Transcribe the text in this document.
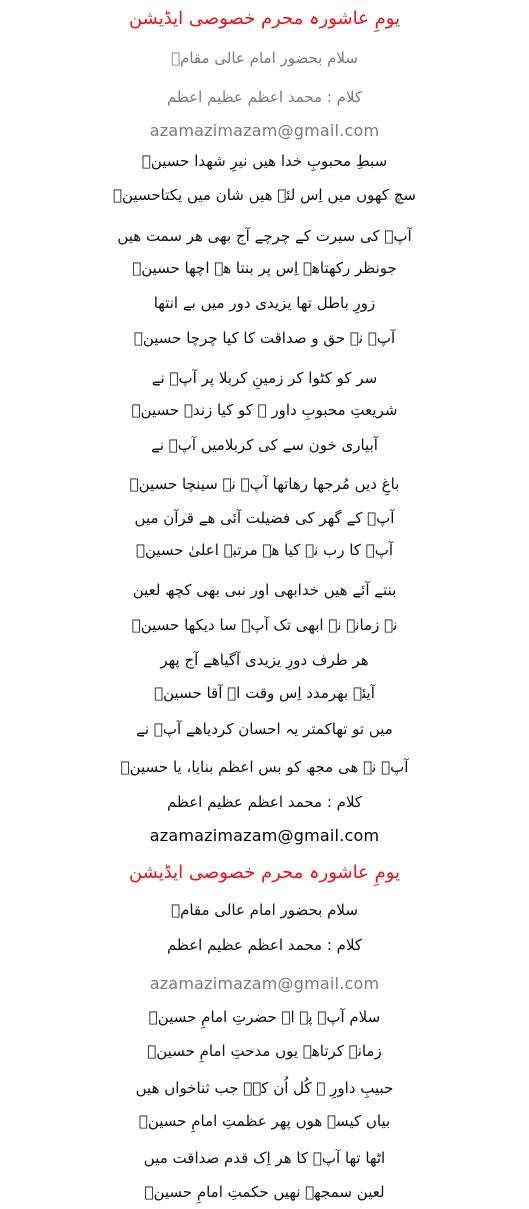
یومِ عاشورہ محرم خصوصی ایڈیشن
سلام بحضور امام عالی مقامؑ
کلام : محمد اعظم عظیم اعظم
azamazimazam@gmail.com
سبطِ محبوبِ خدا ھیں نیرِ شھدا حسینؑ
سچ کھوں میں اِس لئے ھیں شان میں یکتاحسینؑ
آپؑ کی سیرت کے چرچے آج بھی ھر سمت ھیں
جونظر رکھتاھے اِس پر بنتا ھے اچھا حسینؑ
زورِ باطل تھا یزیدی دور میں بے انتھا
آپؑ نے حق و صداقت کا کیا چرچا حسینؑ
سر کو کٹوا کر زمینِ کربلا پر آپؑ نے
شریعتِ محبوبِ داور ﷺ کو کیا زندہ حسینؑ
آبیاری خون سے کی کربلامیں آپؑ نے
باغِ دیں مُرجھا رھاتھا آپؑ نے سینچا حسینؑ
آپؑ کے گھر کی فضیلت آئی ھے قرآن میں
آپؑ کا رب نے کیا ھے مرتبہ اعلیٰ حسینؑ
بنتے آئے ھیں خدابھی اور نبی بھی کچھ لعین
نہ زمانے نے ابھی تک آپؑ سا دیکھا حسینؑ
ھر طرف دورِ یزیدی آگیاھے آج پھر
آیئے بھرمدد اِس وقت اے آقا حسینؑ
میں تو تھاکمتر یہ احسان کردیاھے آپؑ نے
آپؑ نے ھی مجھ کو بس اعظم بنایا، یا حسینؑ
کلام : محمد اعظم عظیم اعظم
azamazimazam@gmail.com
یومِ عاشورہ محرم خصوصی ایڈیشن
سلام بحضور امام عالی مقامؑ
کلام : محمد اعظم عظیم اعظم
azamazimazam@gmail.com
سلام آپؑ پہ اے حضرتِ امامِ حسینؑ
زمانہ کرتاھے یوں مدحتِ امامِ حسینؑ
حبیبِ داورِ ﷺ کُل اُن کےؑ جب ثناخواں ھیں
بیاں کیسے ھوں پھر عظمتِ امامِ حسینؑ
اٹھا تھا آپؑ کا ھر اِک قدم صداقت میں
لعین سمجھے نھیں حکمتِ امامِ حسینؑ
